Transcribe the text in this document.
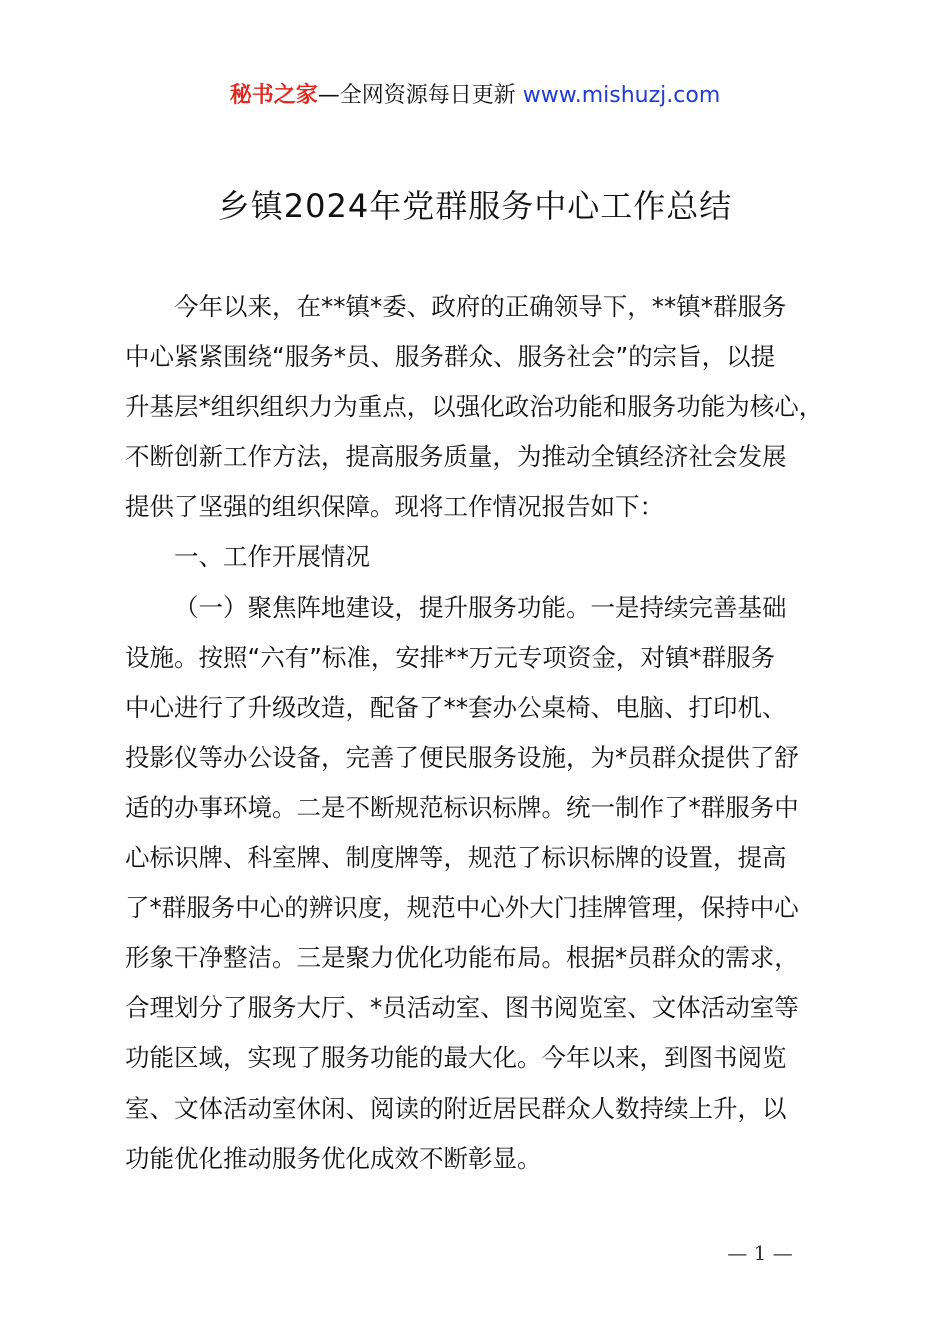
秘书之家—全网资源每日更新 www.mishuzj.com
乡镇2024年党群服务中心工作总结
今年以来，在**镇*委、政府的正确领导下，**镇*群服务
中心紧紧围绕“服务*员、服务群众、服务社会”的宗旨，以提
升基层*组织组织力为重点，以强化政治功能和服务功能为核心，
不断创新工作方法，提高服务质量，为推动全镇经济社会发展
提供了坚强的组织保障。现将工作情况报告如下：
一、工作开展情况
（一）聚焦阵地建设，提升服务功能。一是持续完善基础
设施。按照“六有”标准，安排**万元专项资金，对镇*群服务
中心进行了升级改造，配备了**套办公桌椅、电脑、打印机、
投影仪等办公设备，完善了便民服务设施，为*员群众提供了舒
适的办事环境。二是不断规范标识标牌。统一制作了*群服务中
心标识牌、科室牌、制度牌等，规范了标识标牌的设置，提高
了*群服务中心的辨识度，规范中心外大门挂牌管理，保持中心
形象干净整洁。三是聚力优化功能布局。根据*员群众的需求，
合理划分了服务大厅、*员活动室、图书阅览室、文体活动室等
功能区域，实现了服务功能的最大化。今年以来，到图书阅览
室、文体活动室休闲、阅读的附近居民群众人数持续上升，以
功能优化推动服务优化成效不断彰显。
— 1 —
